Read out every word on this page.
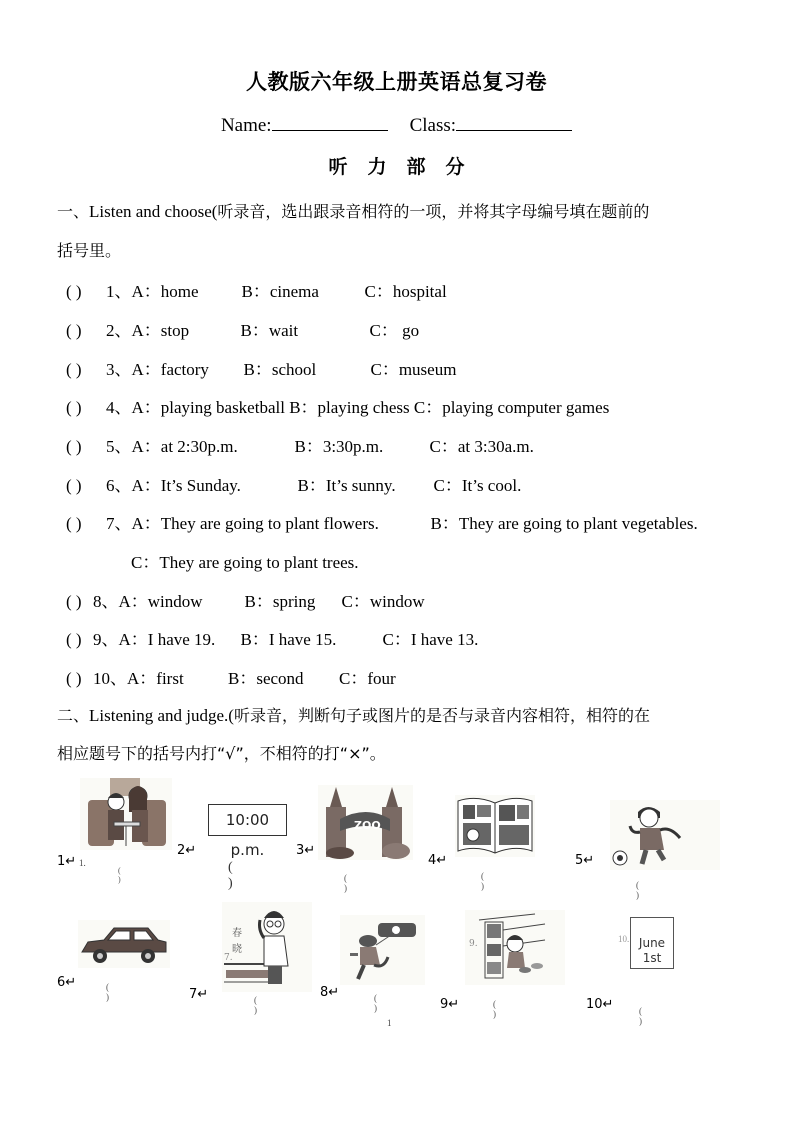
人教版六年级上册英语总复习卷
Name:	Class:
听 力 部 分
一、Listen and choose(听录音，选出跟录音相符的一项，并将其字母编号填在题前的
括号里。
( ) 1、A：home	B：cinema	C：hospital
( ) 2、A：stop	B：wait	C： go
( ) 3、A：factory B：school	C：museum
( ) 4、A：playing basketball B：playing chess C：playing computer games
( ) 5、A：at 2:30p.m.	B：3:30p.m.	C：at 3:30a.m.
( ) 6、A：It’s Sunday.	B：It’s sunny. C：It’s cool.
( ) 7、A：They are going to plant flowers.	B：They are going to plant vegetables.
C：They are going to plant trees.
( ) 8、A：window B：spring C：window
( ) 9、A：I have 19. B：I have 15.	C：I have 13.
( ) 10、A：first	B：second C：four
二、Listening and judge.(听录音，判断句子或图片的是否与录音内容相符，相符的在
相应题号下的括号内打“√”，不相符的打“×”。
1↵ 1.
( )
2↵
10:00 p.m.
( )
3↵
ZOO
( )
4↵
( )
5↵
( )
6↵	( )	7↵
春
晓
7.
( )
8↵	( )	9↵
9.
( )
10↵
10. June
1st
( )
1
